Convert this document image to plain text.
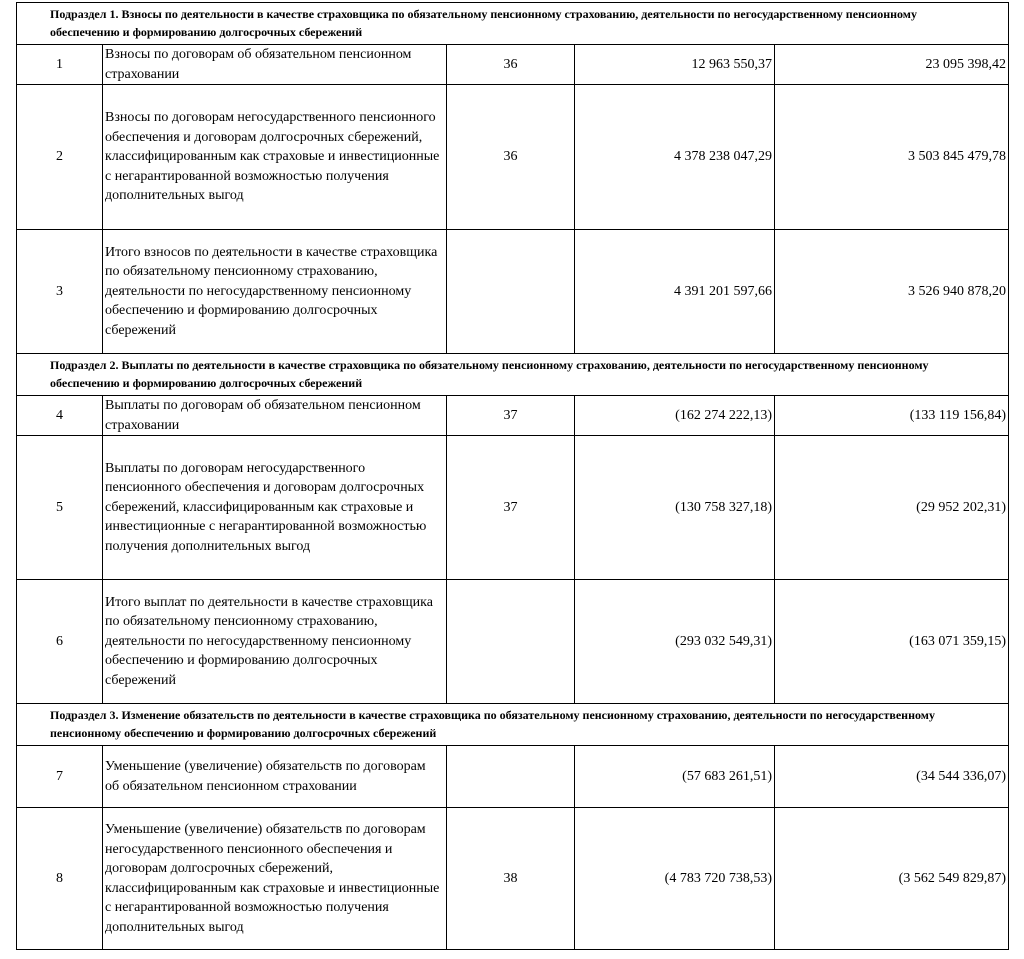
Подраздел 1. Взносы по деятельности в качестве страховщика по обязательному пенсионному страхованию, деятельности по негосударственному пенсионному обеспечению и формированию долгосрочных сбережений				
1	Взносы по договорам об обязательном пенсионном страховании	36	12 963 550,37	23 095 398,42
2	Взносы по договорам негосударственного пенсионного обеспечения и договорам долгосрочных сбережений, классифицированным как страховые и инвестиционные с негарантированной возможностью получения дополнительных выгод	36	4 378 238 047,29	3 503 845 479,78
3	Итого взносов по деятельности в качестве страховщика по обязательному пенсионному страхованию, деятельности по негосударственному пенсионному обеспечению и формированию долгосрочных сбережений		4 391 201 597,66	3 526 940 878,20
Подраздел 2. Выплаты по деятельности в качестве страховщика по обязательному пенсионному страхованию, деятельности по негосударственному пенсионному обеспечению и формированию долгосрочных сбережений				
4	Выплаты по договорам об обязательном пенсионном страховании	37	(162 274 222,13)	(133 119 156,84)
5	Выплаты по договорам негосударственного пенсионного обеспечения и договорам долгосрочных сбережений, классифицированным как страховые и инвестиционные с негарантированной возможностью получения дополнительных выгод	37	(130 758 327,18)	(29 952 202,31)
6	Итого выплат по деятельности в качестве страховщика по обязательному пенсионному страхованию, деятельности по негосударственному пенсионному обеспечению и формированию долгосрочных сбережений		(293 032 549,31)	(163 071 359,15)
Подраздел 3. Изменение обязательств по деятельности в качестве страховщика по обязательному пенсионному страхованию, деятельности по негосударственному пенсионному обеспечению и формированию долгосрочных сбережений				
7	Уменьшение (увеличение) обязательств по договорам об обязательном пенсионном страховании		(57 683 261,51)	(34 544 336,07)
8	Уменьшение (увеличение) обязательств по договорам негосударственного пенсионного обеспечения и договорам долгосрочных сбережений, классифицированным как страховые и инвестиционные с негарантированной возможностью получения дополнительных выгод	38	(4 783 720 738,53)	(3 562 549 829,87)
